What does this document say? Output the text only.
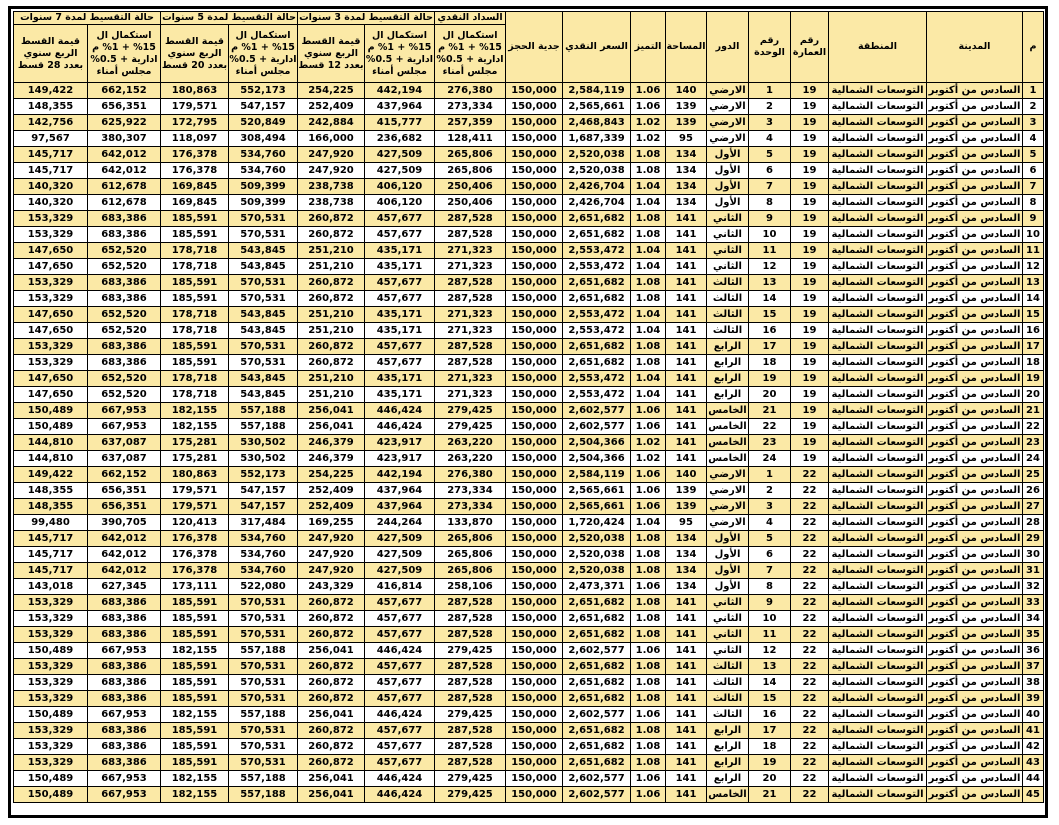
م	المدينة	المنطقة	رقم العمارة	رقم الوحدة	الدور	المساحة	التميز	السعر النقدي	جدية الحجز	السداد النقدي	حالة التقسيط لمدة 3 سنوات		حالة التقسيط لمدة 5 سنوات		حالة التقسيط لمدة 7 سنوات	
										استكمال ال 15% + 1% م ادارية + 0.5% مجلس أمناء	استكمال ال 15% + 1% م ادارية + 0.5% مجلس أمناء	قيمة القسط الربع سنوي بعدد 12 قسط	استكمال ال 15% + 1% م ادارية + 0.5% مجلس أمناء	قيمة القسط الربع سنوي بعدد 20 قسط	استكمال ال 15% + 1% م ادارية + 0.5% مجلس أمناء	قيمة القسط الربع سنوي بعدد 28 قسط
1	السادس من أكتوبر	التوسعات الشمالية	19	1	الارضي	140	1.06	2,584,119	150,000	276,380	442,194	254,225	552,173	180,863	662,152	149,422
2	السادس من أكتوبر	التوسعات الشمالية	19	2	الارضي	139	1.06	2,565,661	150,000	273,334	437,964	252,409	547,157	179,571	656,351	148,355
3	السادس من أكتوبر	التوسعات الشمالية	19	3	الارضي	139	1.02	2,468,843	150,000	257,359	415,777	242,884	520,849	172,795	625,922	142,756
4	السادس من أكتوبر	التوسعات الشمالية	19	4	الارضي	95	1.02	1,687,339	150,000	128,411	236,682	166,000	308,494	118,097	380,307	97,567
5	السادس من أكتوبر	التوسعات الشمالية	19	5	الأول	134	1.08	2,520,038	150,000	265,806	427,509	247,920	534,760	176,378	642,012	145,717
6	السادس من أكتوبر	التوسعات الشمالية	19	6	الأول	134	1.08	2,520,038	150,000	265,806	427,509	247,920	534,760	176,378	642,012	145,717
7	السادس من أكتوبر	التوسعات الشمالية	19	7	الأول	134	1.04	2,426,704	150,000	250,406	406,120	238,738	509,399	169,845	612,678	140,320
8	السادس من أكتوبر	التوسعات الشمالية	19	8	الأول	134	1.04	2,426,704	150,000	250,406	406,120	238,738	509,399	169,845	612,678	140,320
9	السادس من أكتوبر	التوسعات الشمالية	19	9	الثاني	141	1.08	2,651,682	150,000	287,528	457,677	260,872	570,531	185,591	683,386	153,329
10	السادس من أكتوبر	التوسعات الشمالية	19	10	الثاني	141	1.08	2,651,682	150,000	287,528	457,677	260,872	570,531	185,591	683,386	153,329
11	السادس من أكتوبر	التوسعات الشمالية	19	11	الثاني	141	1.04	2,553,472	150,000	271,323	435,171	251,210	543,845	178,718	652,520	147,650
12	السادس من أكتوبر	التوسعات الشمالية	19	12	الثاني	141	1.04	2,553,472	150,000	271,323	435,171	251,210	543,845	178,718	652,520	147,650
13	السادس من أكتوبر	التوسعات الشمالية	19	13	الثالث	141	1.08	2,651,682	150,000	287,528	457,677	260,872	570,531	185,591	683,386	153,329
14	السادس من أكتوبر	التوسعات الشمالية	19	14	الثالث	141	1.08	2,651,682	150,000	287,528	457,677	260,872	570,531	185,591	683,386	153,329
15	السادس من أكتوبر	التوسعات الشمالية	19	15	الثالث	141	1.04	2,553,472	150,000	271,323	435,171	251,210	543,845	178,718	652,520	147,650
16	السادس من أكتوبر	التوسعات الشمالية	19	16	الثالث	141	1.04	2,553,472	150,000	271,323	435,171	251,210	543,845	178,718	652,520	147,650
17	السادس من أكتوبر	التوسعات الشمالية	19	17	الرابع	141	1.08	2,651,682	150,000	287,528	457,677	260,872	570,531	185,591	683,386	153,329
18	السادس من أكتوبر	التوسعات الشمالية	19	18	الرابع	141	1.08	2,651,682	150,000	287,528	457,677	260,872	570,531	185,591	683,386	153,329
19	السادس من أكتوبر	التوسعات الشمالية	19	19	الرابع	141	1.04	2,553,472	150,000	271,323	435,171	251,210	543,845	178,718	652,520	147,650
20	السادس من أكتوبر	التوسعات الشمالية	19	20	الرابع	141	1.04	2,553,472	150,000	271,323	435,171	251,210	543,845	178,718	652,520	147,650
21	السادس من أكتوبر	التوسعات الشمالية	19	21	الخامس	141	1.06	2,602,577	150,000	279,425	446,424	256,041	557,188	182,155	667,953	150,489
22	السادس من أكتوبر	التوسعات الشمالية	19	22	الخامس	141	1.06	2,602,577	150,000	279,425	446,424	256,041	557,188	182,155	667,953	150,489
23	السادس من أكتوبر	التوسعات الشمالية	19	23	الخامس	141	1.02	2,504,366	150,000	263,220	423,917	246,379	530,502	175,281	637,087	144,810
24	السادس من أكتوبر	التوسعات الشمالية	19	24	الخامس	141	1.02	2,504,366	150,000	263,220	423,917	246,379	530,502	175,281	637,087	144,810
25	السادس من أكتوبر	التوسعات الشمالية	22	1	الارضي	140	1.06	2,584,119	150,000	276,380	442,194	254,225	552,173	180,863	662,152	149,422
26	السادس من أكتوبر	التوسعات الشمالية	22	2	الارضي	139	1.06	2,565,661	150,000	273,334	437,964	252,409	547,157	179,571	656,351	148,355
27	السادس من أكتوبر	التوسعات الشمالية	22	3	الارضي	139	1.06	2,565,661	150,000	273,334	437,964	252,409	547,157	179,571	656,351	148,355
28	السادس من أكتوبر	التوسعات الشمالية	22	4	الارضي	95	1.04	1,720,424	150,000	133,870	244,264	169,255	317,484	120,413	390,705	99,480
29	السادس من أكتوبر	التوسعات الشمالية	22	5	الأول	134	1.08	2,520,038	150,000	265,806	427,509	247,920	534,760	176,378	642,012	145,717
30	السادس من أكتوبر	التوسعات الشمالية	22	6	الأول	134	1.08	2,520,038	150,000	265,806	427,509	247,920	534,760	176,378	642,012	145,717
31	السادس من أكتوبر	التوسعات الشمالية	22	7	الأول	134	1.08	2,520,038	150,000	265,806	427,509	247,920	534,760	176,378	642,012	145,717
32	السادس من أكتوبر	التوسعات الشمالية	22	8	الأول	134	1.06	2,473,371	150,000	258,106	416,814	243,329	522,080	173,111	627,345	143,018
33	السادس من أكتوبر	التوسعات الشمالية	22	9	الثاني	141	1.08	2,651,682	150,000	287,528	457,677	260,872	570,531	185,591	683,386	153,329
34	السادس من أكتوبر	التوسعات الشمالية	22	10	الثاني	141	1.08	2,651,682	150,000	287,528	457,677	260,872	570,531	185,591	683,386	153,329
35	السادس من أكتوبر	التوسعات الشمالية	22	11	الثاني	141	1.08	2,651,682	150,000	287,528	457,677	260,872	570,531	185,591	683,386	153,329
36	السادس من أكتوبر	التوسعات الشمالية	22	12	الثاني	141	1.06	2,602,577	150,000	279,425	446,424	256,041	557,188	182,155	667,953	150,489
37	السادس من أكتوبر	التوسعات الشمالية	22	13	الثالث	141	1.08	2,651,682	150,000	287,528	457,677	260,872	570,531	185,591	683,386	153,329
38	السادس من أكتوبر	التوسعات الشمالية	22	14	الثالث	141	1.08	2,651,682	150,000	287,528	457,677	260,872	570,531	185,591	683,386	153,329
39	السادس من أكتوبر	التوسعات الشمالية	22	15	الثالث	141	1.08	2,651,682	150,000	287,528	457,677	260,872	570,531	185,591	683,386	153,329
40	السادس من أكتوبر	التوسعات الشمالية	22	16	الثالث	141	1.06	2,602,577	150,000	279,425	446,424	256,041	557,188	182,155	667,953	150,489
41	السادس من أكتوبر	التوسعات الشمالية	22	17	الرابع	141	1.08	2,651,682	150,000	287,528	457,677	260,872	570,531	185,591	683,386	153,329
42	السادس من أكتوبر	التوسعات الشمالية	22	18	الرابع	141	1.08	2,651,682	150,000	287,528	457,677	260,872	570,531	185,591	683,386	153,329
43	السادس من أكتوبر	التوسعات الشمالية	22	19	الرابع	141	1.08	2,651,682	150,000	287,528	457,677	260,872	570,531	185,591	683,386	153,329
44	السادس من أكتوبر	التوسعات الشمالية	22	20	الرابع	141	1.06	2,602,577	150,000	279,425	446,424	256,041	557,188	182,155	667,953	150,489
45	السادس من أكتوبر	التوسعات الشمالية	22	21	الخامس	141	1.06	2,602,577	150,000	279,425	446,424	256,041	557,188	182,155	667,953	150,489
